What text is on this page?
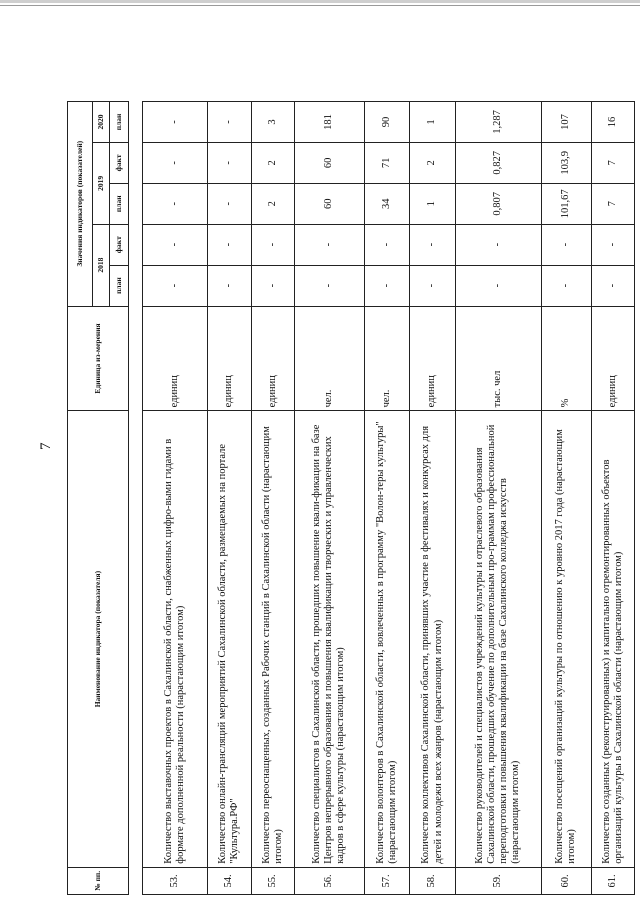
7
№ пп.	Наименование индикатора (показателя)	Единица из-мерения	Значения индикаторов (показателей)				
			2018		2019		2020
			план	факт	план	факт	план

53.	Количество выставочных проектов в Сахалинской области, снабженных цифро-выми гидами в формате дополненной реальности (нарастающим итогом)	единиц	-	-	-	-	-
54.	Количество онлайн-трансляций мероприятий Сахалинской области, размещаемых на портале "Культура.РФ"	единиц	-	-	-	-	-
55.	Количество переоснащенных, созданных Рабочих станций в Сахалинской области (нарастающим итогом)	единиц	-	-	2	2	3
56.	Количество специалистов в Сахалинской области, прошедших повышение квали-фикации на базе Центров непрерывного образования и повышения квалификации творческих и управленческих кадров в сфере культуры (нарастающим итогом)	чел.	-	-	60	60	181
57.	Количество волонтеров в Сахалинской области, вовлеченных в программу "Волон-теры культуры" (нарастающим итогом)	чел.	-	-	34	71	90
58.	Количество коллективов Сахалинской области, принявших участие в фестивалях и конкурсах для детей и молодежи всех жанров (нарастающим итогом)	единиц	-	-	1	2	1
59.	Количество руководителей и специалистов учреждений культуры и отраслевого образования Сахалинской области, прошедших обучение по дополнительным про-граммам профессиональной переподготовки и повышения квалификации на базе Сахалинского колледжа искусств (нарастающим итогом)	тыс. чел	-	-	0,807	0,827	1,287
60.	Количество посещений организаций культуры по отношению к уровню 2017 года (нарастающим итогом)	%	-	-	101,67	103,9	107
61.	Количество созданных (реконструированных) и капитально отремонтированных объектов организаций культуры в Сахалинской области (нарастающим итогом)	единиц	-	-	7	7	16
